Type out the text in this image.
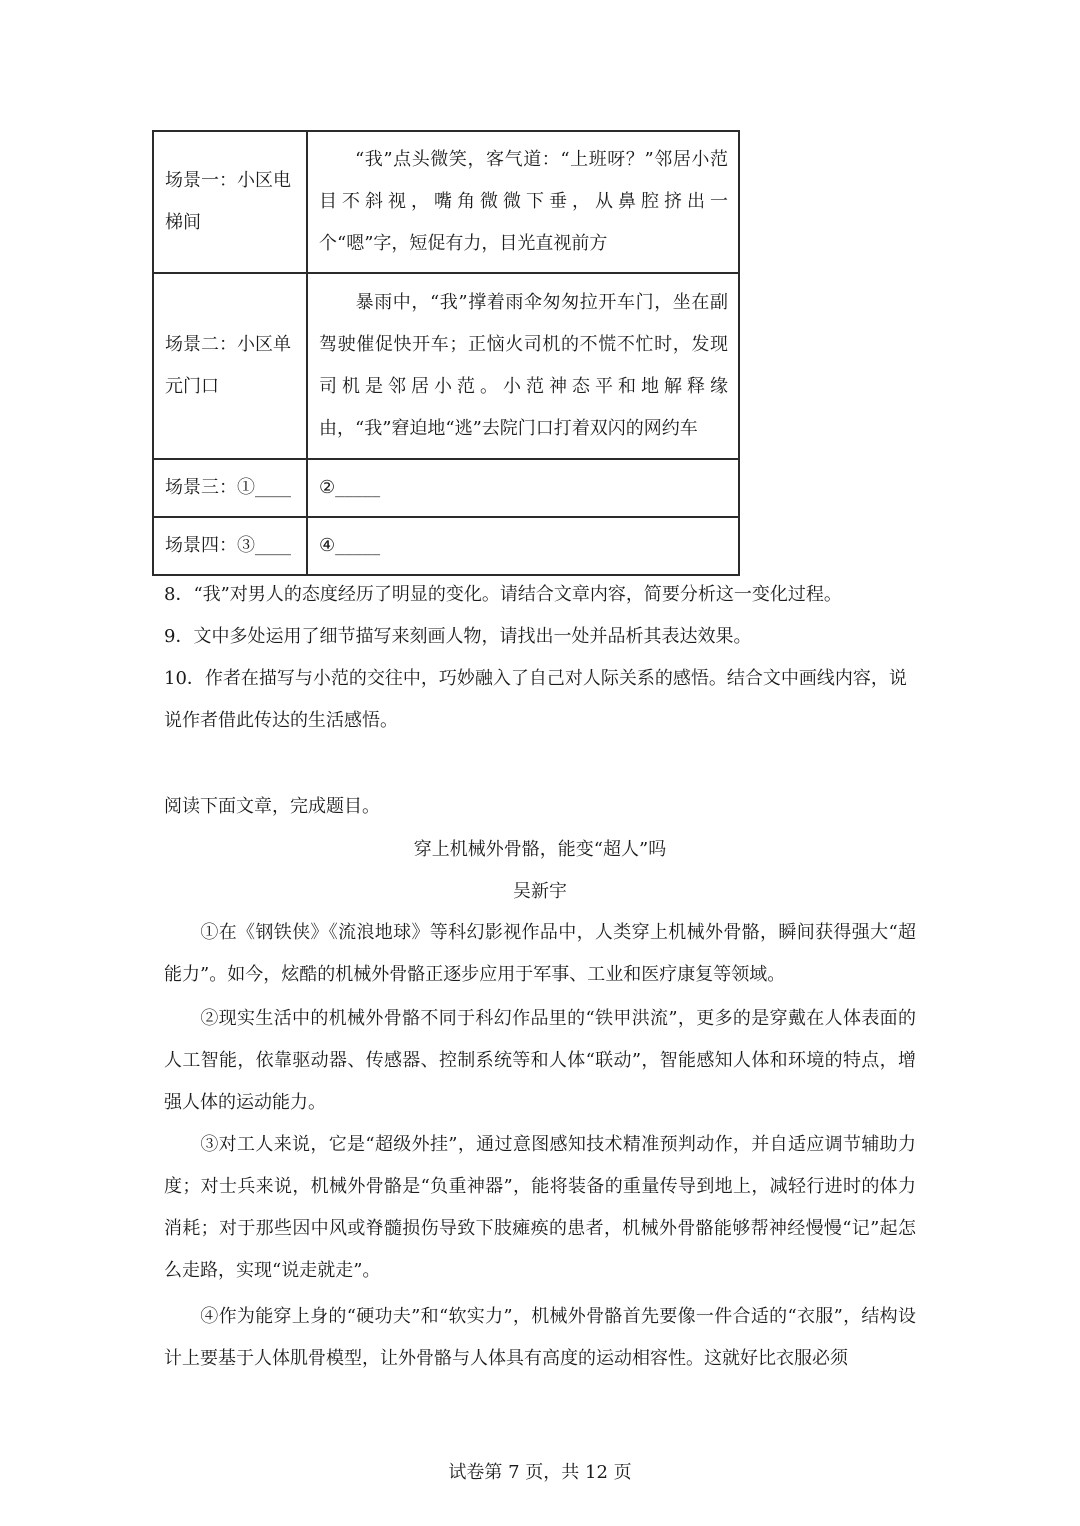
场景一：小区电梯间	“我”点头微笑，客气道：“上班呀？”邻居小范目不斜视，嘴角微微下垂，从鼻腔挤出一个“嗯”字，短促有力，目光直视前方
场景二：小区单元门口	暴雨中，“我”撑着雨伞匆匆拉开车门，坐在副驾驶催促快开车；正恼火司机的不慌不忙时，发现司机是邻居小范。小范神态平和地解释缘由，“我”窘迫地“逃”去院门口打着双闪的网约车
场景三：①____	②_____
场景四：③____	④_____
8．“我”对男人的态度经历了明显的变化。请结合文章内容，简要分析这一变化过程。
9．文中多处运用了细节描写来刻画人物，请找出一处并品析其表达效果。
10．作者在描写与小范的交往中，巧妙融入了自己对人际关系的感悟。结合文中画线内容，说说作者借此传达的生活感悟。
阅读下面文章，完成题目。
穿上机械外骨骼，能变“超人”吗
吴新宇
①在《钢铁侠》《流浪地球》等科幻影视作品中，人类穿上机械外骨骼，瞬间获得强大“超能力”。如今，炫酷的机械外骨骼正逐步应用于军事、工业和医疗康复等领域。
②现实生活中的机械外骨骼不同于科幻作品里的“铁甲洪流”，更多的是穿戴在人体表面的人工智能，依靠驱动器、传感器、控制系统等和人体“联动”，智能感知人体和环境的特点，增强人体的运动能力。
③对工人来说，它是“超级外挂”，通过意图感知技术精准预判动作，并自适应调节辅助力度；对士兵来说，机械外骨骼是“负重神器”，能将装备的重量传导到地上，减轻行进时的体力消耗；对于那些因中风或脊髓损伤导致下肢瘫痪的患者，机械外骨骼能够帮神经慢慢“记”起怎么走路，实现“说走就走”。
④作为能穿上身的“硬功夫”和“软实力”，机械外骨骼首先要像一件合适的“衣服”，结构设计上要基于人体肌骨模型，让外骨骼与人体具有高度的运动相容性。这就好比衣服必须
试卷第 7 页，共 12 页
